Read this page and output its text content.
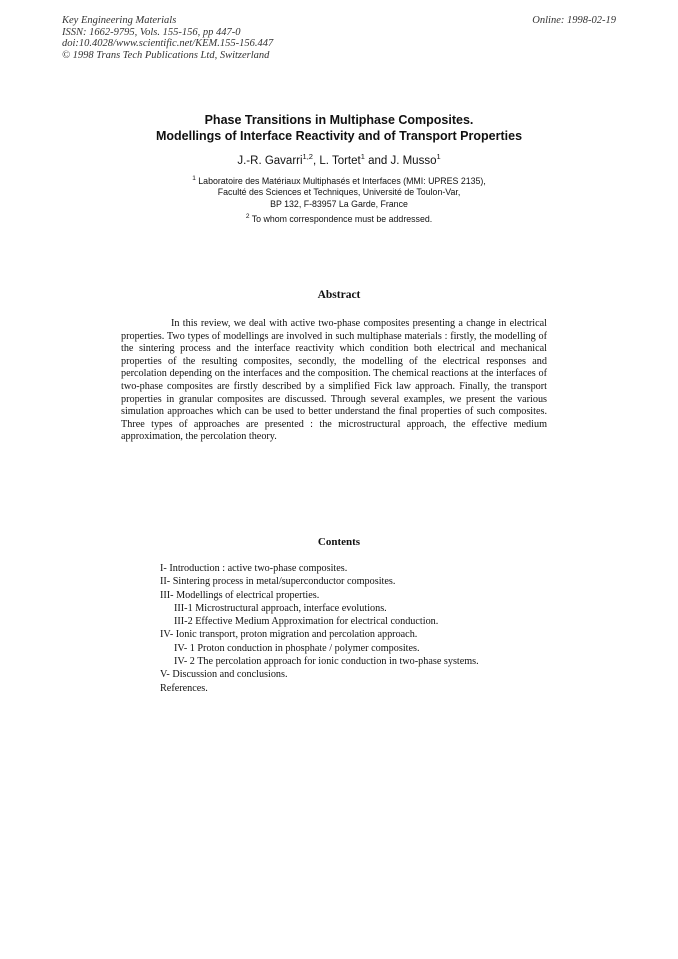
Key Engineering Materials
ISSN: 1662-9795, Vols. 155-156, pp 447-0
doi:10.4028/www.scientific.net/KEM.155-156.447
© 1998 Trans Tech Publications Ltd, Switzerland
Online: 1998-02-19
Phase Transitions in Multiphase Composites.
Modellings of Interface Reactivity and of Transport Properties
J.-R. Gavarri$^{1,2}$, L. Tortet$^1$ and J. Musso$^1$
$^1$ Laboratoire des Matériaux Multiphasés et Interfaces (MMI: UPRES 2135),
Faculté des Sciences et Techniques, Université de Toulon-Var,
BP 132, F-83957 La Garde, France
$^2$ To whom correspondence must be addressed.
Abstract

In this review, we deal with active two-phase composites presenting a change in electrical properties. Two types of modellings are involved in such multiphase materials : firstly, the modelling of the sintering process and the interface reactivity which condition both electrical and mechanical properties of the resulting composites, secondly, the modelling of the electrical responses and percolation depending on the interfaces and the composition. The chemical reactions at the interfaces of two-phase composites are firstly described by a simplified Fick law approach. Finally, the transport properties in granular composites are discussed. Through several examples, we present the various simulation approaches which can be used to better understand the final properties of such composites. Three types of approaches are presented : the microstructural approach, the effective medium approximation, the percolation theory.

Contents
I- Introduction : active two-phase composites.
II- Sintering process in metal/superconductor composites.
III- Modellings of electrical properties.
III-1 Microstructural approach, interface evolutions.
III-2 Effective Medium Approximation for electrical conduction.
IV- Ionic transport, proton migration and percolation approach.
IV- 1 Proton conduction in phosphate / polymer composites.
IV- 2 The percolation approach for ionic conduction in two-phase systems.
V- Discussion and conclusions.
References.
